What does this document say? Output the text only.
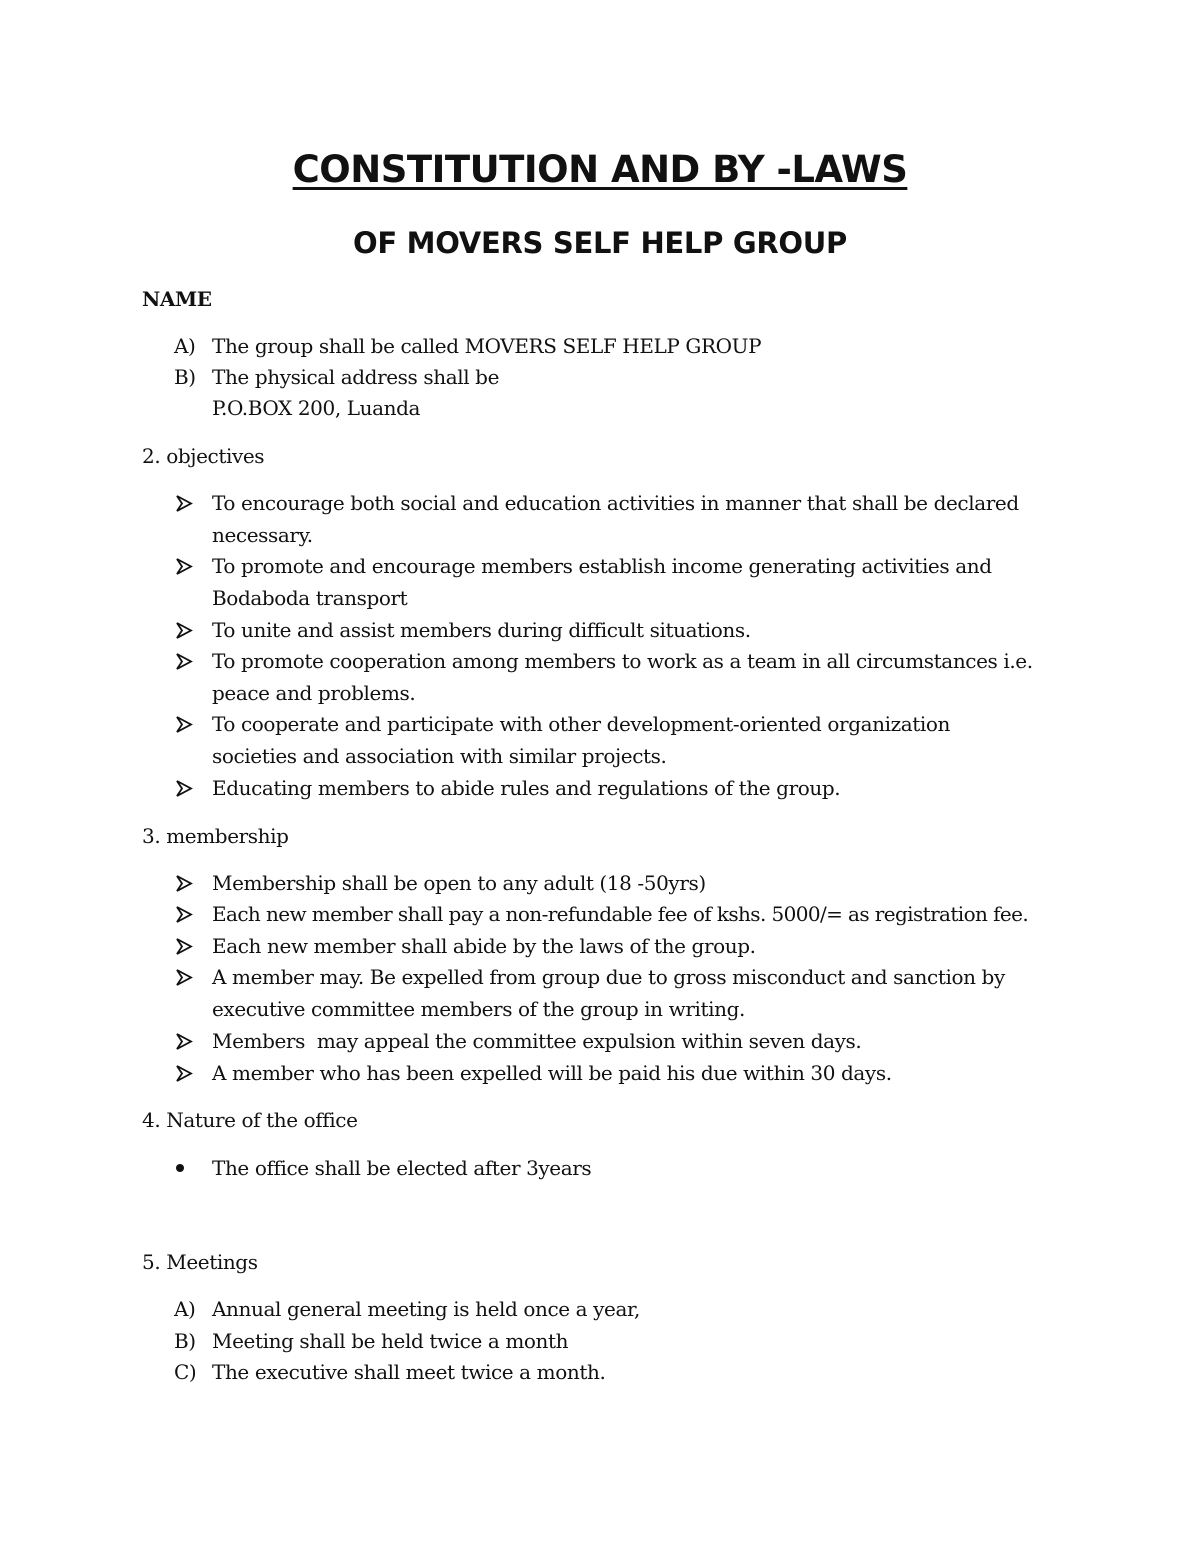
CONSTITUTION AND BY -LAWS
OF MOVERS SELF HELP GROUP
NAME
A) The group shall be called MOVERS SELF HELP GROUP
B) The physical address shall be
P.O.BOX 200, Luanda
2. objectives
To encourage both social and education activities in manner that shall be declared
necessary.
To promote and encourage members establish income generating activities and
Bodaboda transport
To unite and assist members during difficult situations.
To promote cooperation among members to work as a team in all circumstances i.e.
peace and problems.
To cooperate and participate with other development-oriented organization
societies and association with similar projects.
Educating members to abide rules and regulations of the group.
3. membership
Membership shall be open to any adult (18 -50yrs)
Each new member shall pay a non-refundable fee of kshs. 5000/= as registration fee.
Each new member shall abide by the laws of the group.
A member may. Be expelled from group due to gross misconduct and sanction by
executive committee members of the group in writing.
Members  may appeal the committee expulsion within seven days.
A member who has been expelled will be paid his due within 30 days.
4. Nature of the office
The office shall be elected after 3years
5. Meetings
A) Annual general meeting is held once a year,
B) Meeting shall be held twice a month
C) The executive shall meet twice a month.
